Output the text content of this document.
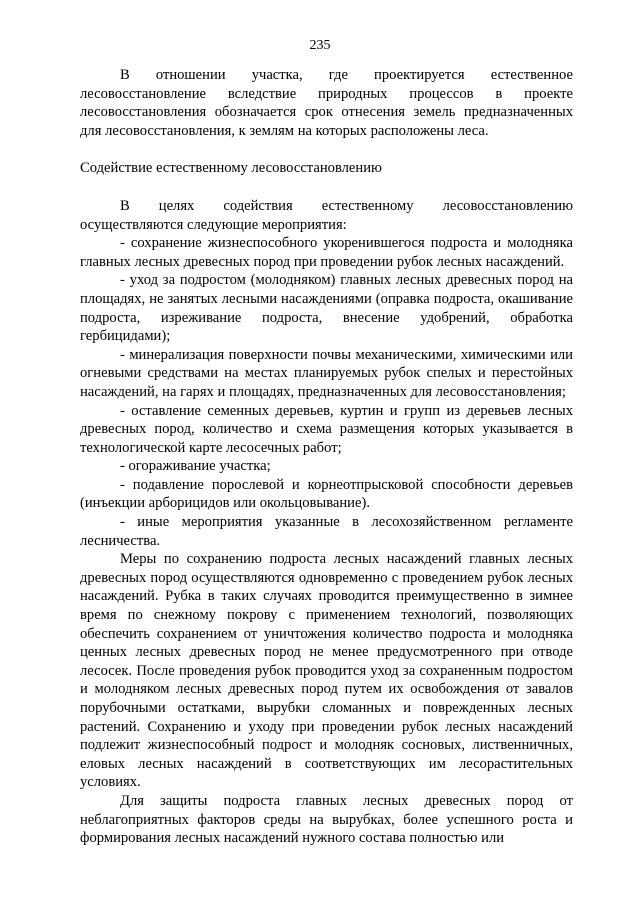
235

В отношении участка, где проектируется естественное лесовосстановление вследствие природных процессов в проекте лесовосстановления обозначается срок отнесения земель предназначенных для лесовосстановления, к землям на которых расположены леса.

Содействие естественному лесовосстановлению

В целях содействия естественному лесовосстановлению осуществляются следующие мероприятия:

- сохранение жизнеспособного укоренившегося подроста и молодняка главных лесных древесных пород при проведении рубок лесных насаждений.

- уход за подростом (молодняком) главных лесных древесных пород на площадях, не занятых лесными насаждениями (оправка подроста, окашивание подроста, изреживание подроста, внесение удобрений, обработка гербицидами);

- минерализация поверхности почвы механическими, химическими или огневыми средствами на местах планируемых рубок спелых и перестойных насаждений, на гарях и площадях, предназначенных для лесовосстановления;

- оставление семенных деревьев, куртин и групп из деревьев лесных древесных пород, количество и схема размещения которых указывается в технологической карте лесосечных работ;

- огораживание участка;

- подавление порослевой и корнеотпрысковой способности деревьев (инъекции арборицидов или окольцовывание).

- иные мероприятия указанные в лесохозяйственном регламенте лесничества.

Меры по сохранению подроста лесных насаждений главных лесных древесных пород осуществляются одновременно с проведением рубок лесных насаждений. Рубка в таких случаях проводится преимущественно в зимнее время по снежному покрову с применением технологий, позволяющих обеспечить сохранением от уничтожения количество подроста и молодняка ценных лесных древесных пород не менее предусмотренного при отводе лесосек. После проведения рубок проводится уход за сохраненным подростом и молодняком лесных древесных пород путем их освобождения от завалов порубочными остатками, вырубки сломанных и поврежденных лесных растений. Сохранению и уходу при проведении рубок лесных насаждений подлежит жизнеспособный подрост и молодняк сосновых, лиственничных, еловых лесных насаждений в соответствующих им лесорастительных условиях.

Для защиты подроста главных лесных древесных пород от неблагоприятных факторов среды на вырубках, более успешного роста и формирования лесных насаждений нужного состава полностью или
